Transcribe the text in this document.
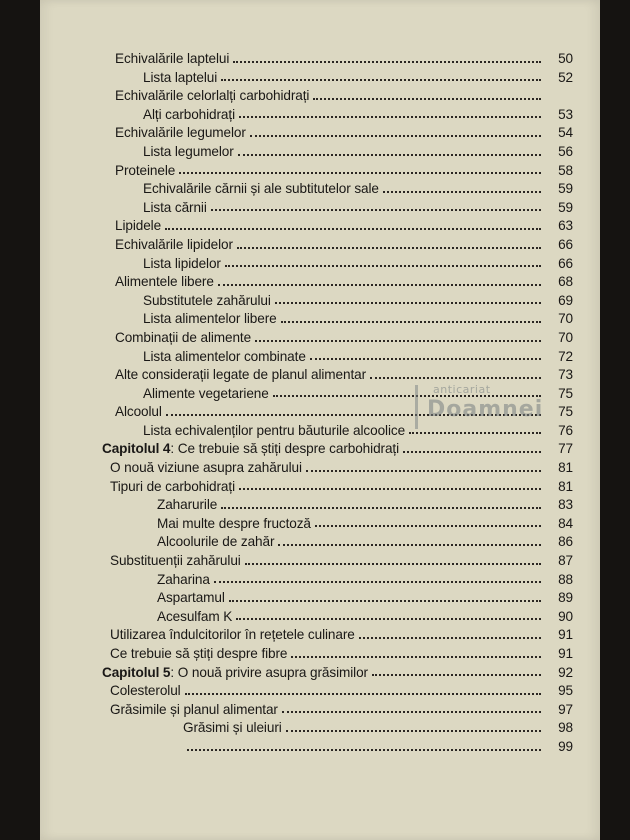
Echivalările laptelui	50
Lista laptelui	52
Echivalările celorlalți carbohidrați
Alți carbohidrați	53
Echivalările legumelor	54
Lista legumelor	56
Proteinele	58
Echivalările cărnii și ale subtitutelor sale	59
Lista cărnii	59
Lipidele	63
Echivalările lipidelor	66
Lista lipidelor	66
Alimentele libere	68
Substitutele zahărului	69
Lista alimentelor libere	70
Combinații de alimente	70
Lista alimentelor combinate	72
Alte considerații legate de planul alimentar	73
Alimente vegetariene	75
Alcoolul	75
Lista echivalenților pentru băuturile alcoolice	76
Capitolul 4: Ce trebuie să știți despre carbohidrați	77
O nouă viziune asupra zahărului	81
Tipuri de carbohidrați	81
Zaharurile	83
Mai multe despre fructoză	84
Alcoolurile de zahăr	86
Substituenții zahărului	87
Zaharina	88
Aspartamul	89
Acesulfam K	90
Utilizarea îndulcitorilor în rețetele culinare	91
Ce trebuie să știți despre fibre	91
Capitolul 5: O nouă privire asupra grăsimilor	92
Colesterolul	95
Grăsimile și planul alimentar	97
Grăsimi și uleiuri	98
99
anticariat
Doamnei
